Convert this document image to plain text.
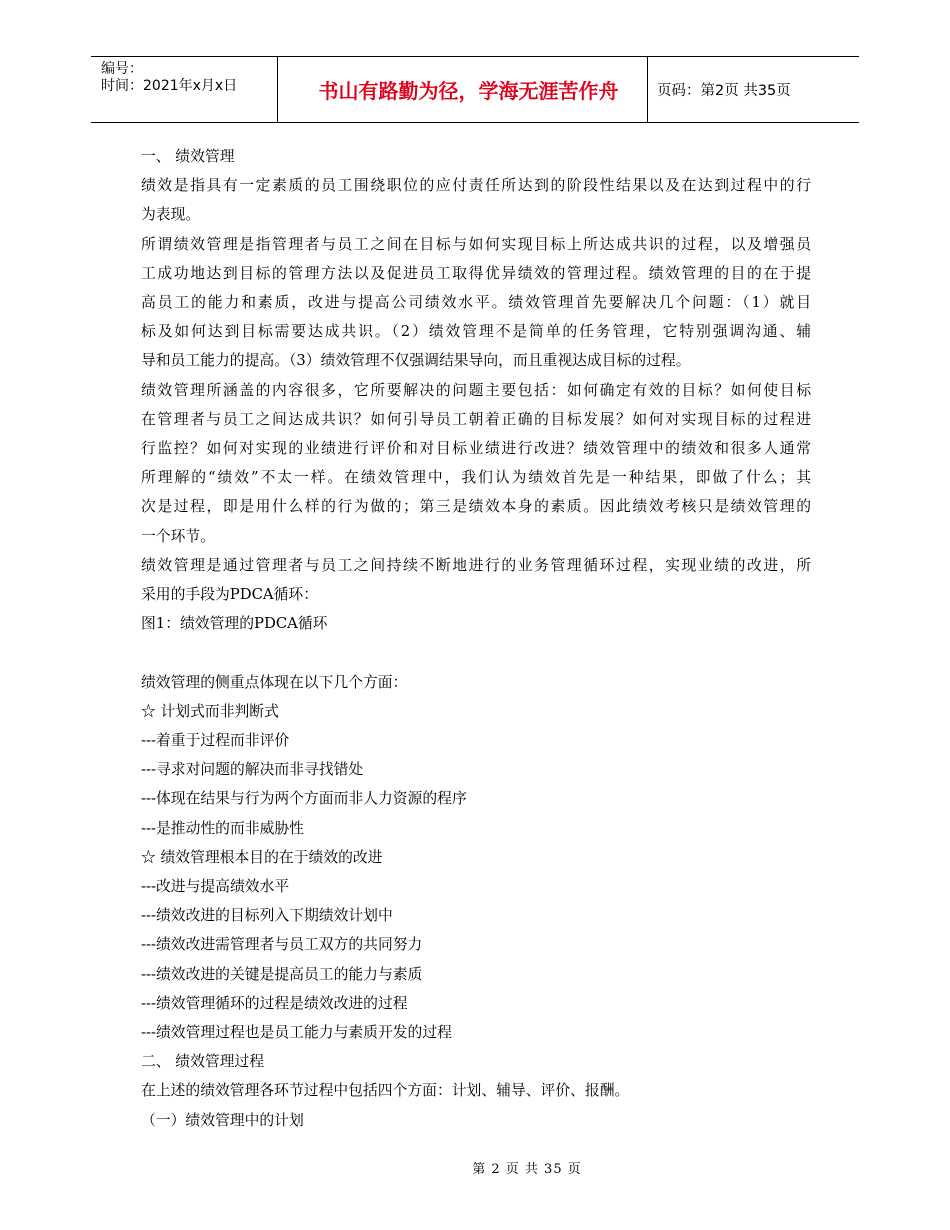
编号：
时间：2021年x月x日	书山有路勤为径，学海无涯苦作舟	页码：第2页 共35页
一、 绩效管理
绩效是指具有一定素质的员工围绕职位的应付责任所达到的阶段性结果以及在达到过程中的行
为表现。
所谓绩效管理是指管理者与员工之间在目标与如何实现目标上所达成共识的过程，以及增强员
工成功地达到目标的管理方法以及促进员工取得优异绩效的管理过程。绩效管理的目的在于提
高员工的能力和素质，改进与提高公司绩效水平。绩效管理首先要解决几个问题：（1）就目
标及如何达到目标需要达成共识。（2）绩效管理不是简单的任务管理，它特别强调沟通、辅
导和员工能力的提高。（3）绩效管理不仅强调结果导向，而且重视达成目标的过程。
绩效管理所涵盖的内容很多，它所要解决的问题主要包括：如何确定有效的目标？如何使目标
在管理者与员工之间达成共识？如何引导员工朝着正确的目标发展？如何对实现目标的过程进
行监控？如何对实现的业绩进行评价和对目标业绩进行改进？绩效管理中的绩效和很多人通常
所理解的“绩效”不太一样。在绩效管理中，我们认为绩效首先是一种结果，即做了什么；其
次是过程，即是用什么样的行为做的；第三是绩效本身的素质。因此绩效考核只是绩效管理的
一个环节。
绩效管理是通过管理者与员工之间持续不断地进行的业务管理循环过程，实现业绩的改进，所
采用的手段为PDCA循环：
图1：绩效管理的PDCA循环
绩效管理的侧重点体现在以下几个方面：
☆ 计划式而非判断式
---着重于过程而非评价
---寻求对问题的解决而非寻找错处
---体现在结果与行为两个方面而非人力资源的程序
---是推动性的而非威胁性
☆ 绩效管理根本目的在于绩效的改进
---改进与提高绩效水平
---绩效改进的目标列入下期绩效计划中
---绩效改进需管理者与员工双方的共同努力
---绩效改进的关键是提高员工的能力与素质
---绩效管理循环的过程是绩效改进的过程
---绩效管理过程也是员工能力与素质开发的过程
二、 绩效管理过程
在上述的绩效管理各环节过程中包括四个方面：计划、辅导、评价、报酬。
（一）绩效管理中的计划
第 2 页 共 35 页
